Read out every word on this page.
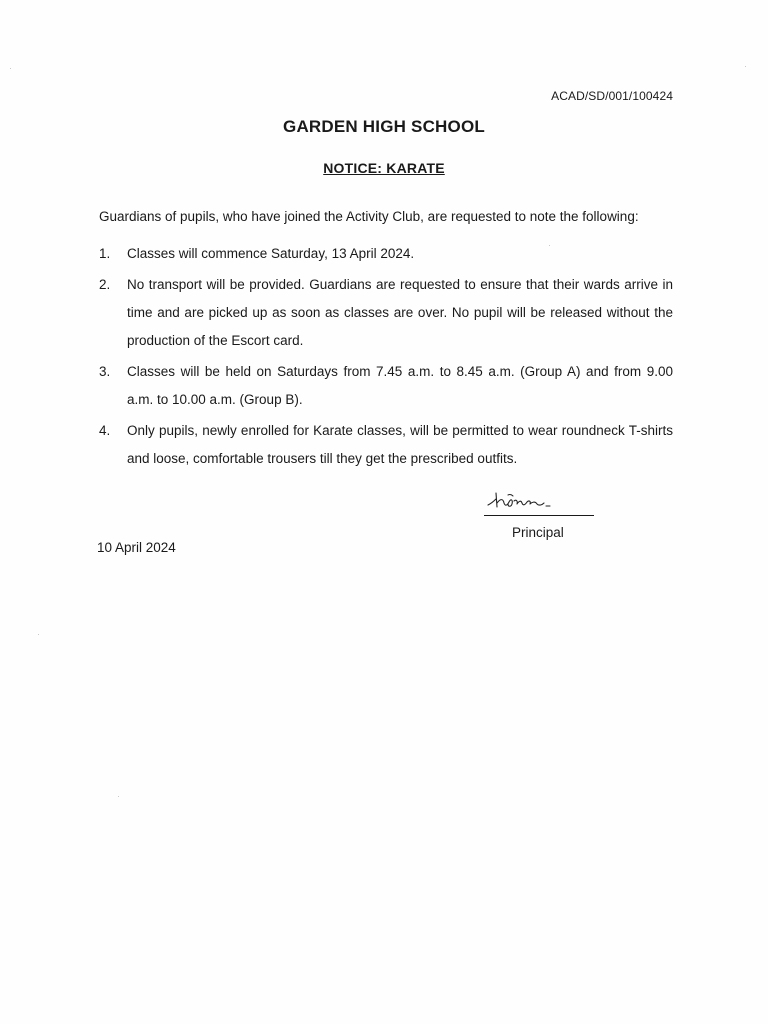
ACAD/SD/001/100424
GARDEN HIGH SCHOOL
NOTICE: KARATE
Guardians of pupils, who have joined the Activity Club, are requested to note the following:
1. Classes will commence Saturday, 13 April 2024.
2. No transport will be provided. Guardians are requested to ensure that their wards arrive in time and are picked up as soon as classes are over. No pupil will be released without the production of the Escort card.
3. Classes will be held on Saturdays from 7.45 a.m. to 8.45 a.m. (Group A) and from 9.00 a.m. to 10.00 a.m. (Group B).
4. Only pupils, newly enrolled for Karate classes, will be permitted to wear roundneck T-shirts and loose, comfortable trousers till they get the prescribed outfits.
Principal
10 April 2024
